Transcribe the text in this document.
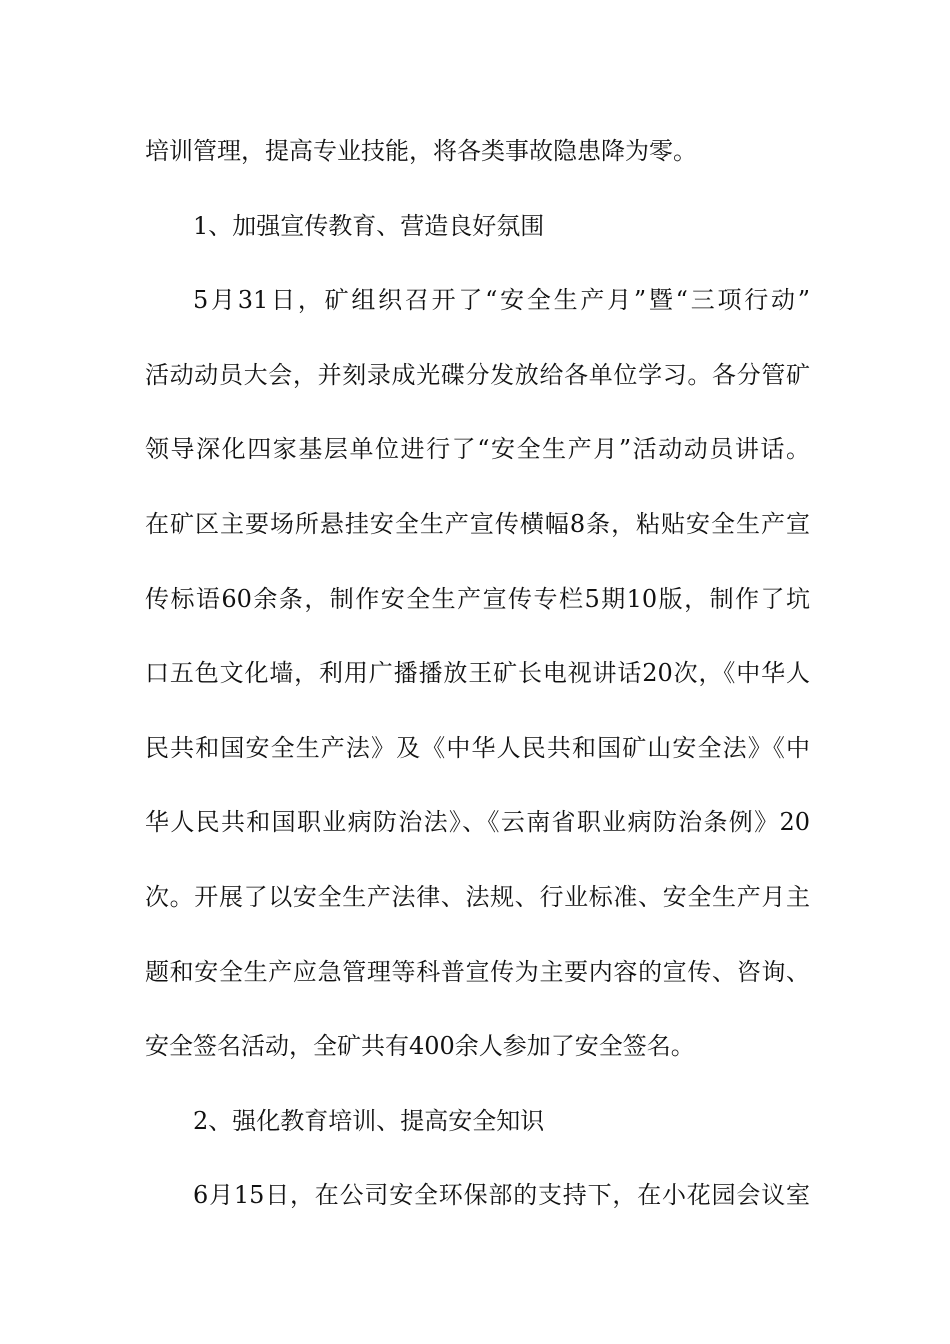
培训管理，提高专业技能，将各类事故隐患降为零。
1、加强宣传教育、营造良好氛围
5月31日，矿组织召开了“安全生产月”暨“三项行动”
活动动员大会，并刻录成光碟分发放给各单位学习。各分管矿
领导深化四家基层单位进行了“安全生产月”活动动员讲话。
在矿区主要场所悬挂安全生产宣传横幅8条，粘贴安全生产宣
传标语60余条，制作安全生产宣传专栏5期10版，制作了坑
口五色文化墙，利用广播播放王矿长电视讲话20次，《中华人
民共和国安全生产法》及《中华人民共和国矿山安全法》《中
华人民共和国职业病防治法》、《云南省职业病防治条例》20
次。开展了以安全生产法律、法规、行业标准、安全生产月主
题和安全生产应急管理等科普宣传为主要内容的宣传、咨询、
安全签名活动，全矿共有400余人参加了安全签名。
2、强化教育培训、提高安全知识
6月15日，在公司安全环保部的支持下，在小花园会议室
